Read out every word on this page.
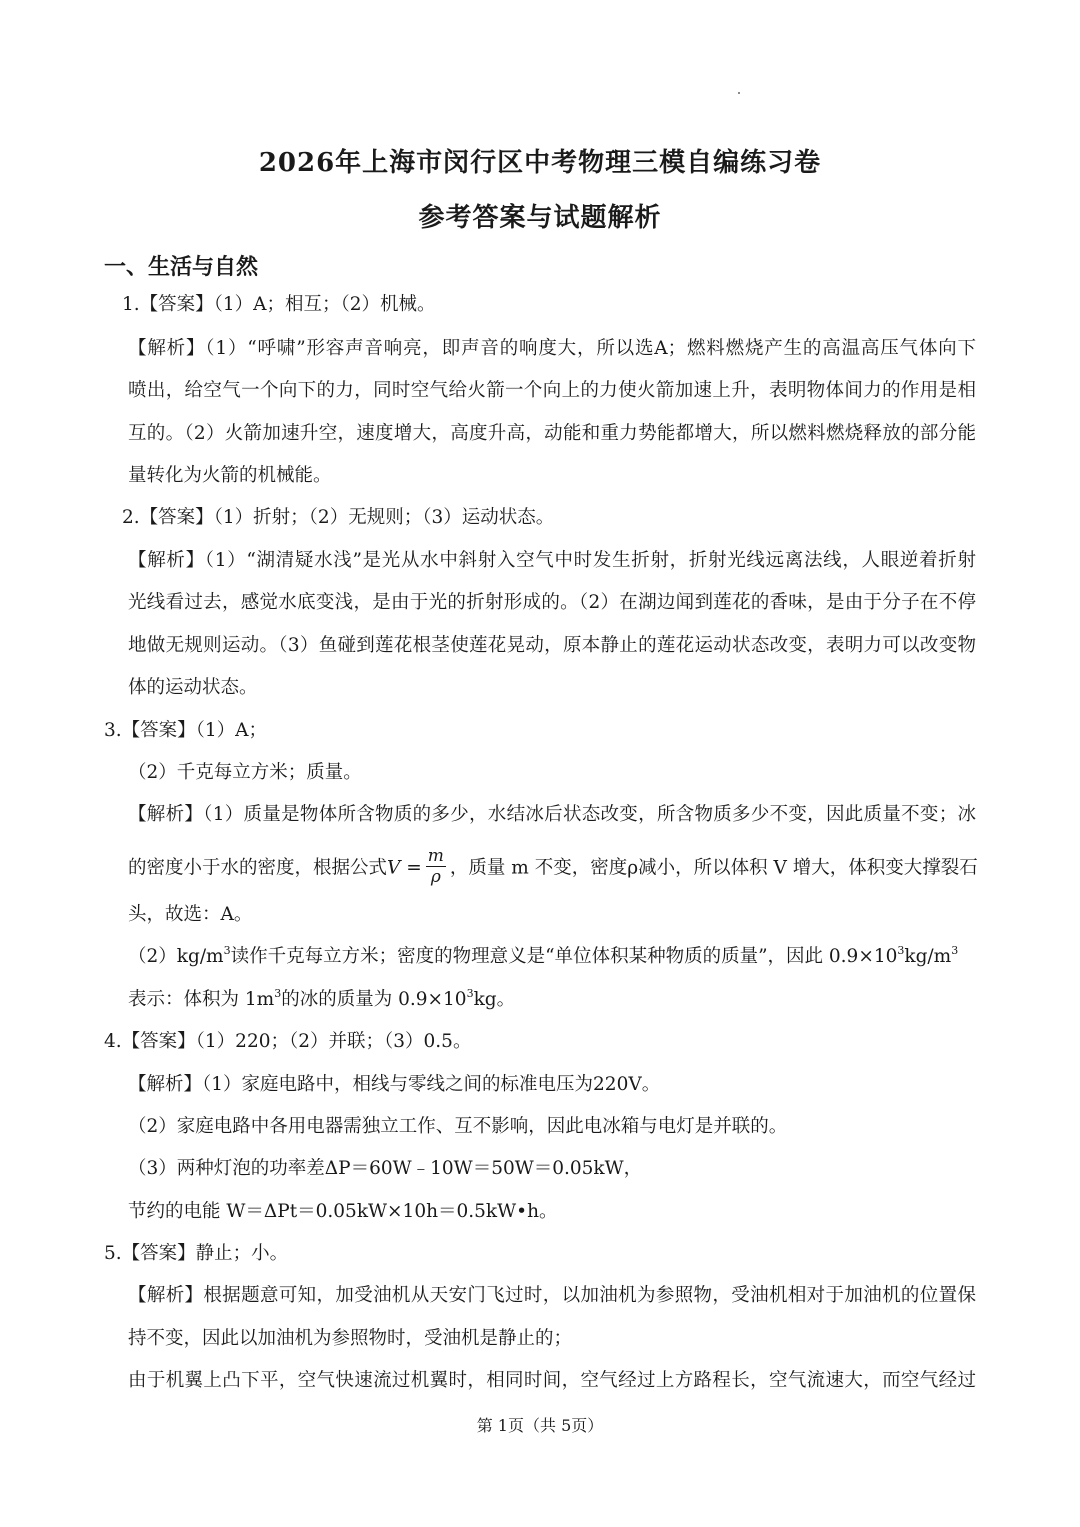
2026年上海市闵行区中考物理三模自编练习卷
参考答案与试题解析
一、生活与自然
1.【答案】（1）A；相互；（2）机械。
【解析】（1）“呼啸”形容声音响亮，即声音的响度大，所以选A；燃料燃烧产生的高温高压气体向下
喷出，给空气一个向下的力，同时空气给火箭一个向上的力使火箭加速上升，表明物体间力的作用是相
互的。（2）火箭加速升空，速度增大，高度升高，动能和重力势能都增大，所以燃料燃烧释放的部分能
量转化为火箭的机械能。
2.【答案】（1）折射；（2）无规则；（3）运动状态。
【解析】（1）“湖清疑水浅”是光从水中斜射入空气中时发生折射，折射光线远离法线，人眼逆着折射
光线看过去，感觉水底变浅，是由于光的折射形成的。（2）在湖边闻到莲花的香味，是由于分子在不停
地做无规则运动。（3）鱼碰到莲花根茎使莲花晃动，原本静止的莲花运动状态改变，表明力可以改变物
体的运动状态。
3.【答案】（1）A；
（2）千克每立方米；质量。
【解析】（1）质量是物体所含物质的多少，水结冰后状态改变，所含物质多少不变，因此质量不变；冰
的密度小于水的密度，根据公式$V = \frac{m}{\rho}$ ，质量 m 不变，密度ρ减小，所以体积 V 增大，体积变大撑裂石
头，故选：A。
$(2)kg/m^3$读作千克每立方米；密度的物理意义是“单位体积某种物质的质量”，因此 $0.9\times 10^3kg/m^3$
表示：体积为 $1m^3$的冰的质量为 $0.9\times 10^3kg$。
4.【答案】（1）220；（2）并联；（3）0.5。
【解析】（1）家庭电路中，相线与零线之间的标准电压为220V。
（2）家庭电路中各用电器需独立工作、互不影响，因此电冰箱与电灯是并联的。
（3）两种灯泡的功率差ΔP＝60W﹣10W＝50W＝0.05kW，
节约的电能 W＝ΔPt＝0.05kW×10h＝0.5kW•h。
5.【答案】静止；小。
【解析】根据题意可知，加受油机从天安门飞过时，以加油机为参照物，受油机相对于加油机的位置保
持不变，因此以加油机为参照物时，受油机是静止的；
由于机翼上凸下平，空气快速流过机翼时，相同时间，空气经过上方路程长，空气流速大，而空气经过
第 1页（共 5页）
